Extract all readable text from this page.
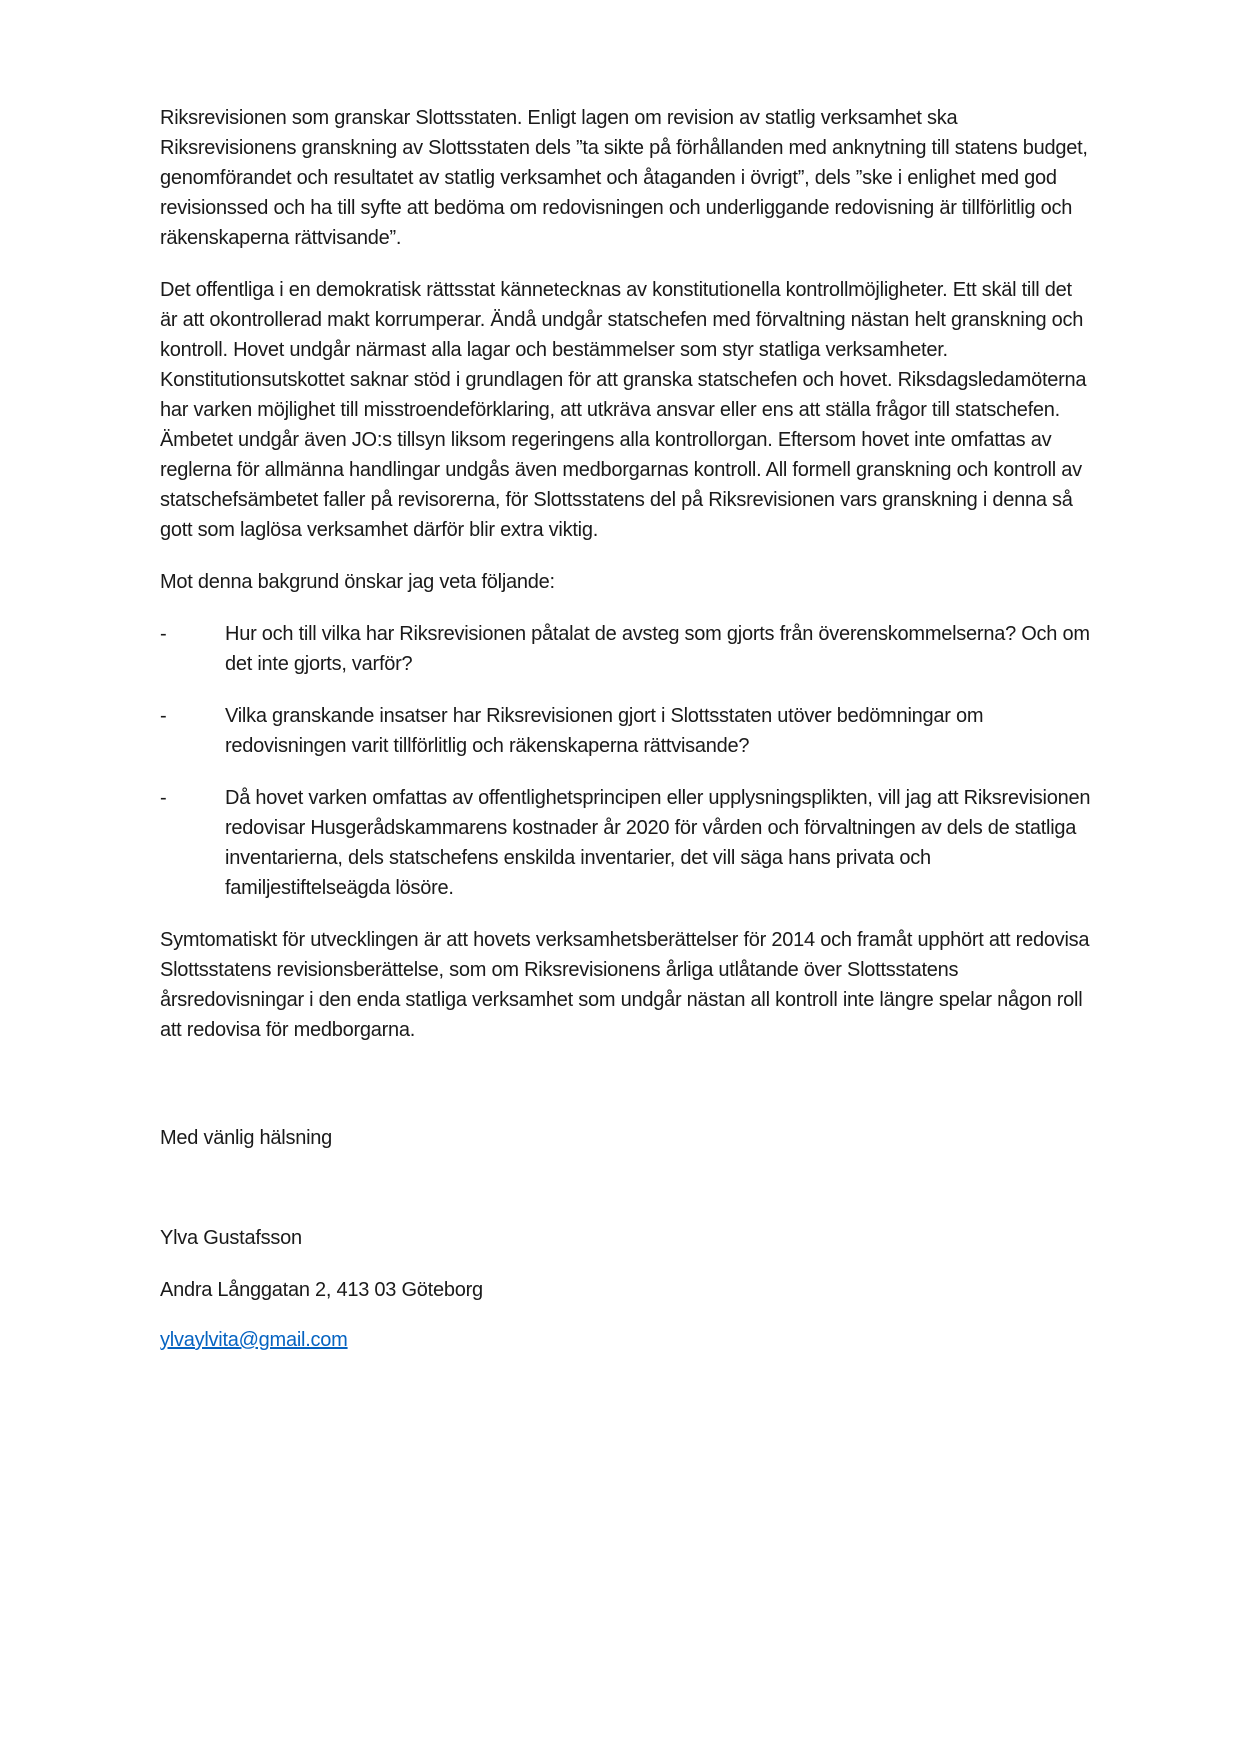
Riksrevisionen som granskar Slottsstaten. Enligt lagen om revision av statlig verksamhet ska Riksrevisionens granskning av Slottsstaten dels ”ta sikte på förhållanden med anknytning till statens budget, genomförandet och resultatet av statlig verksamhet och åtaganden i övrigt”, dels ”ske i enlighet med god revisionssed och ha till syfte att bedöma om redovisningen och underliggande redovisning är tillförlitlig och räkenskaperna rättvisande”.

Det offentliga i en demokratisk rättsstat kännetecknas av konstitutionella kontrollmöjligheter. Ett skäl till det är att okontrollerad makt korrumperar. Ändå undgår statschefen med förvaltning nästan helt granskning och kontroll. Hovet undgår närmast alla lagar och bestämmelser som styr statliga verksamheter. Konstitutionsutskottet saknar stöd i grundlagen för att granska statschefen och hovet. Riksdagsledamöterna har varken möjlighet till misstroendeförklaring, att utkräva ansvar eller ens att ställa frågor till statschefen. Ämbetet undgår även JO:s tillsyn liksom regeringens alla kontrollorgan. Eftersom hovet inte omfattas av reglerna för allmänna handlingar undgås även medborgarnas kontroll. All formell granskning och kontroll av statschefsämbetet faller på revisorerna, för Slottsstatens del på Riksrevisionen vars granskning i denna så gott som laglösa verksamhet därför blir extra viktig.

Mot denna bakgrund önskar jag veta följande:

-	Hur och till vilka har Riksrevisionen påtalat de avsteg som gjorts från överenskommelserna? Och om det inte gjorts, varför?
-	Vilka granskande insatser har Riksrevisionen gjort i Slottsstaten utöver bedömningar om redovisningen varit tillförlitlig och räkenskaperna rättvisande?
-	Då hovet varken omfattas av offentlighetsprincipen eller upplysningsplikten, vill jag att Riksrevisionen redovisar Husgerådskammarens kostnader år 2020 för vården och förvaltningen av dels de statliga inventarierna, dels statschefens enskilda inventarier, det vill säga hans privata och familjestiftelseägda lösöre.

Symtomatiskt för utvecklingen är att hovets verksamhetsberättelser för 2014 och framåt upphört att redovisa Slottsstatens revisionsberättelse, som om Riksrevisionens årliga utlåtande över Slottsstatens årsredovisningar i den enda statliga verksamhet som undgår nästan all kontroll inte längre spelar någon roll att redovisa för medborgarna.

Med vänlig hälsning

Ylva Gustafsson

Andra Långgatan 2, 413 03 Göteborg

ylvaylvita@gmail.com
